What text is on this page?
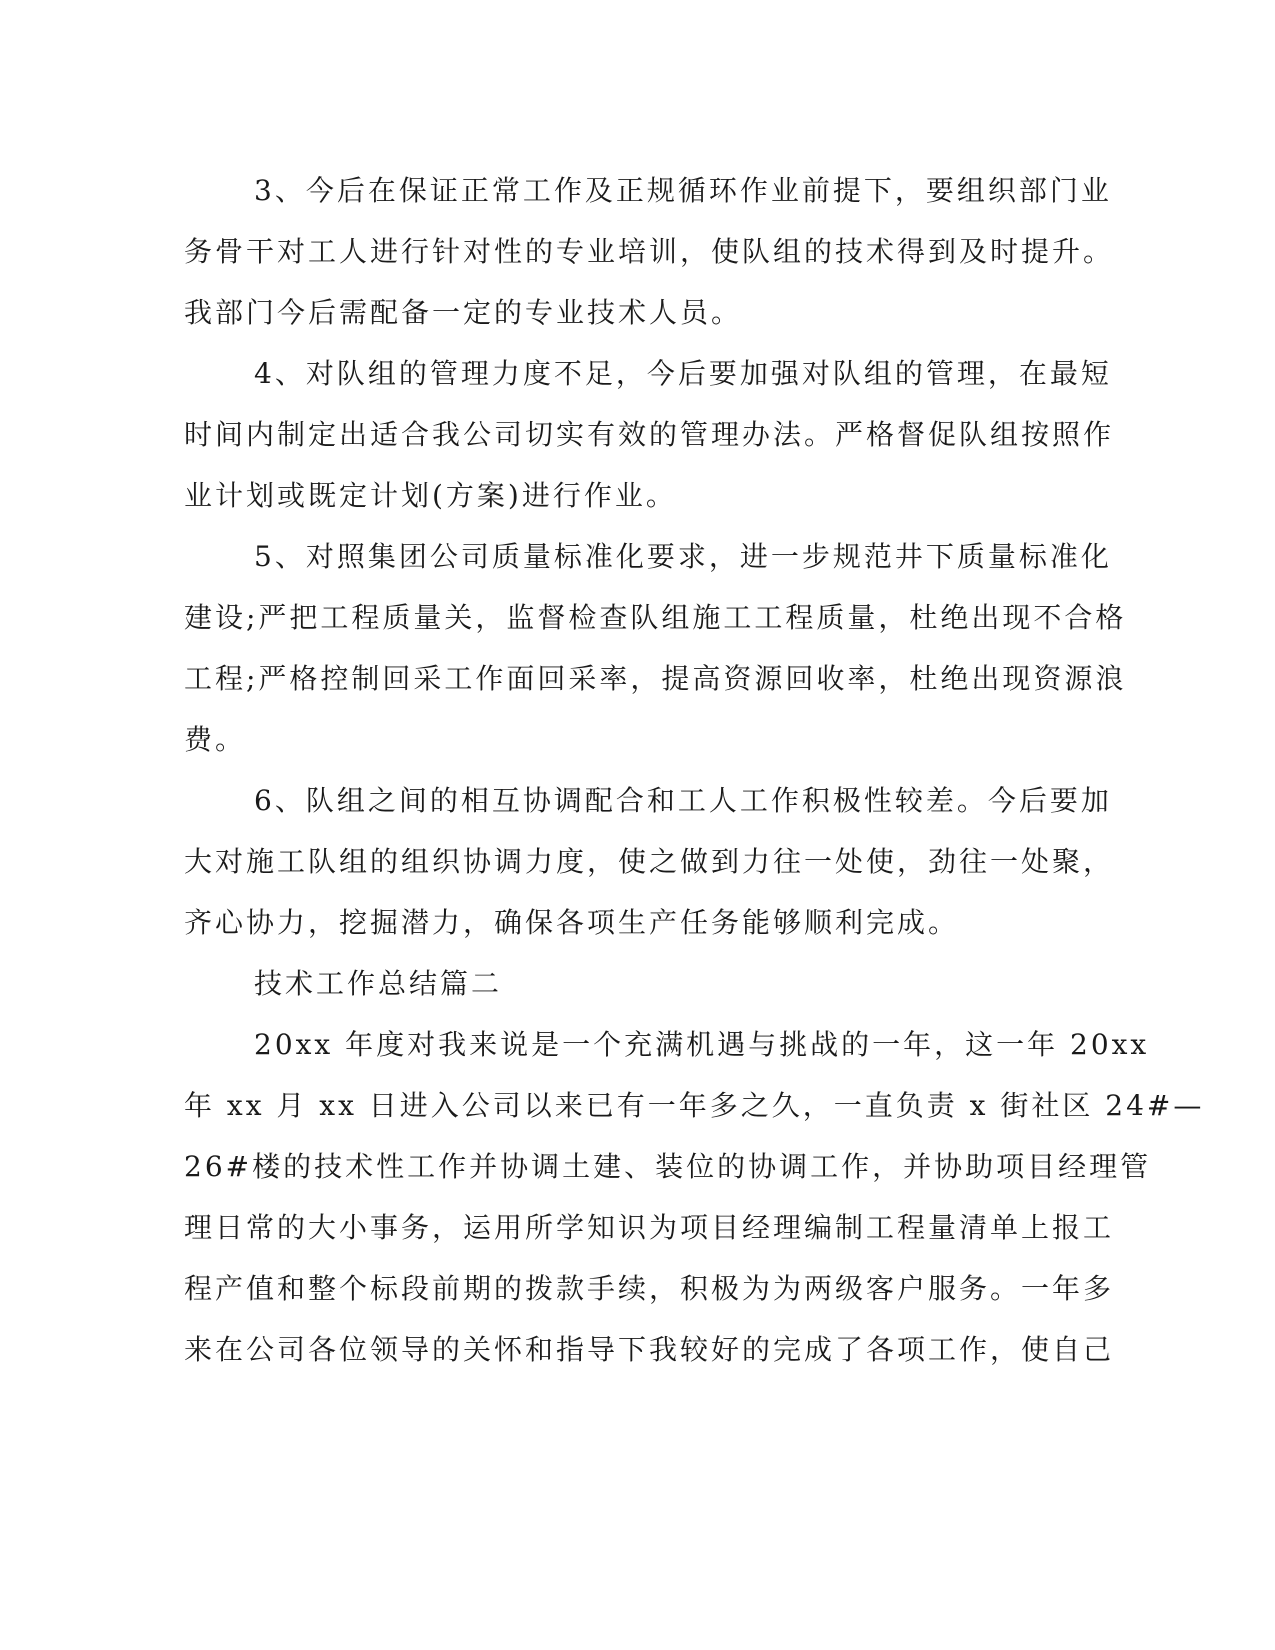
3、今后在保证正常工作及正规循环作业前提下，要组织部门业
务骨干对工人进行针对性的专业培训，使队组的技术得到及时提升。
我部门今后需配备一定的专业技术人员。
4、对队组的管理力度不足，今后要加强对队组的管理，在最短
时间内制定出适合我公司切实有效的管理办法。严格督促队组按照作
业计划或既定计划(方案)进行作业。
5、对照集团公司质量标准化要求，进一步规范井下质量标准化
建设;严把工程质量关，监督检查队组施工工程质量，杜绝出现不合格
工程;严格控制回采工作面回采率，提高资源回收率，杜绝出现资源浪
费。
6、队组之间的相互协调配合和工人工作积极性较差。今后要加
大对施工队组的组织协调力度，使之做到力往一处使，劲往一处聚，
齐心协力，挖掘潜力，确保各项生产任务能够顺利完成。
技术工作总结篇二
20xx 年度对我来说是一个充满机遇与挑战的一年，这一年 20xx
年 xx 月 xx 日进入公司以来已有一年多之久，一直负责 x 街社区 24#—
26#楼的技术性工作并协调土建、装位的协调工作，并协助项目经理管
理日常的大小事务，运用所学知识为项目经理编制工程量清单上报工
程产值和整个标段前期的拨款手续，积极为为两级客户服务。一年多
来在公司各位领导的关怀和指导下我较好的完成了各项工作，使自己
